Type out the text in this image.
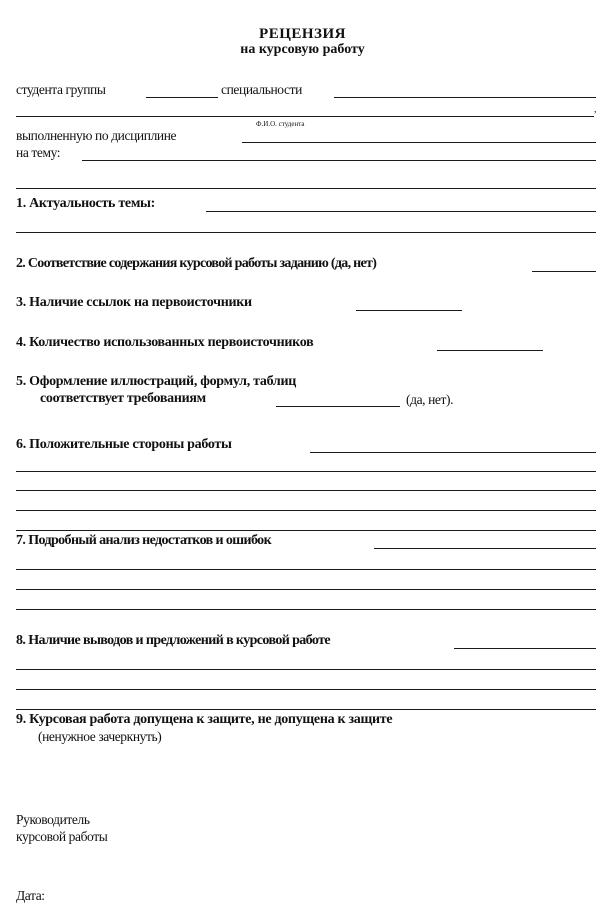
РЕЦЕНЗИЯ
на курсовую работу
студента группы	специальности
,
Ф.И.О. студента
выполненную по дисциплине
на тему:
1. Актуальность темы:
2. Соответствие содержания курсовой работы заданию (да, нет)
3. Наличие ссылок на первоисточники
4. Количество использованных первоисточников
5. Оформление иллюстраций, формул, таблиц
соответствует требованиям	(да, нет).
6. Положительные стороны работы
7. Подробный анализ недостатков и ошибок
8. Наличие выводов и предложений в курсовой работе
9. Курсовая работа допущена к защите, не допущена к защите
(ненужное зачеркнуть)
Руководитель
курсовой работы
Дата:
